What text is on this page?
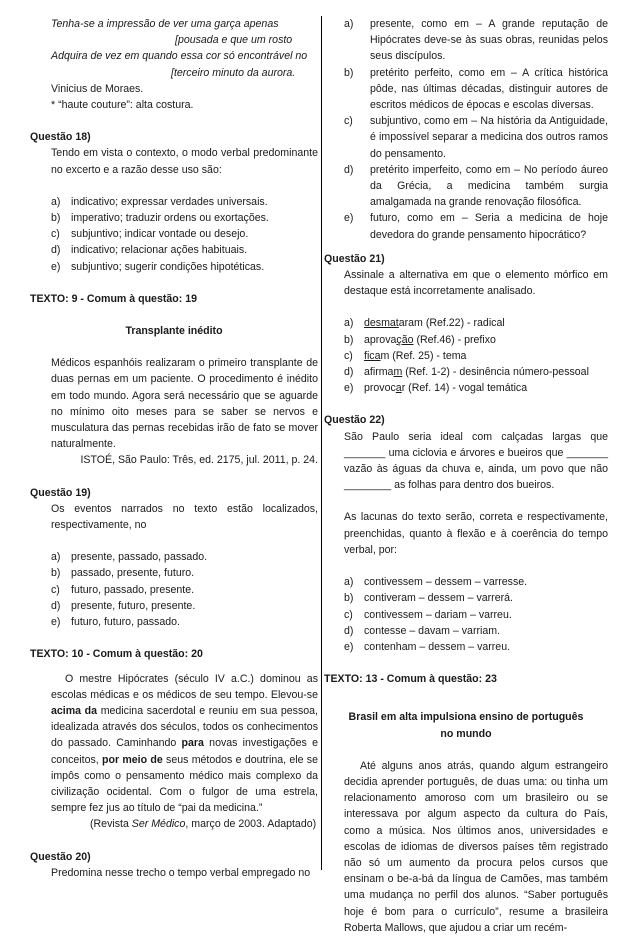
Tenha-se a impressão de ver uma garça apenas

[pousada e que um rosto

Adquira de vez em quando essa cor só encontrável no

[terceiro minuto da aurora.

Vinicius de Moraes.

* “haute couture”: alta costura.

Questão 18)

Tendo em vista o contexto, o modo verbal predominante no excerto e a razão desse uso são:

a) indicativo; expressar verdades universais.
b) imperativo; traduzir ordens ou exortações.
c)	subjuntivo; indicar vontade ou desejo.
d) indicativo; relacionar ações habituais.
e) subjuntivo; sugerir condições hipotéticas.

TEXTO: 9 - Comum à questão: 19

Transplante inédito

Médicos espanhóis realizaram o primeiro transplante de duas pernas em um paciente. O procedimento é inédito em todo mundo. Agora será necessário que se aguarde no mínimo oito meses para se saber se nervos e musculatura das pernas recebidas irão de fato se mover naturalmente.

ISTOÉ, São Paulo: Três, ed. 2175, jul. 2011, p. 24.

Questão 19)

Os eventos narrados no texto estão localizados, respectivamente, no

a) presente, passado, passado.
b) passado, presente, futuro.
c)	futuro, passado, presente.
d) presente, futuro, presente.
e) futuro, futuro, passado.

TEXTO: 10 - Comum à questão: 20

O mestre Hipócrates (século IV a.C.) dominou as escolas médicas e os médicos de seu tempo. Elevou-se acima da medicina sacerdotal e reuniu em sua pessoa, idealizada através dos séculos, todos os conhecimentos do passado. Caminhando para novas investigações e conceitos, por meio de seus métodos e doutrina, ele se impôs como o pensamento médico mais complexo da civilização ocidental. Com o fulgor de uma estrela, sempre fez jus ao título de “pai da medicina.”

(Revista Ser Médico, março de 2003. Adaptado)

Questão 20)

Predomina nesse trecho o tempo verbal empregado no

a)	presente, como em – A grande reputação de Hipócrates deve-se às suas obras, reunidas pelos seus discípulos.
b)	pretérito perfeito, como em – A crítica histórica pôde, nas últimas décadas, distinguir autores de escritos médicos de épocas e escolas diversas.
c)	subjuntivo, como em – Na história da Antiguidade, é impossível separar a medicina dos outros ramos do pensamento.
d)	pretérito imperfeito, como em – No período áureo da Grécia, a medicina também surgia amalgamada na grande renovação filosófica.
e)	futuro, como em – Seria a medicina de hoje devedora do grande pensamento hipocrático?

Questão 21)

Assinale a alternativa em que o elemento mórfico em destaque está incorretamente analisado.

a) desmataram (Ref.22) - radical
b) aprovação (Ref.46) - prefixo
c)	ficam (Ref. 25) - tema
d) afirmam (Ref. 1-2) - desinência número-pessoal
e) provocar (Ref. 14) - vogal temática

Questão 22)

São Paulo seria ideal com calçadas largas que _______ uma ciclovia e árvores e bueiros que _______ vazão às águas da chuva e, ainda, um povo que não ________ as folhas para dentro dos bueiros.

As lacunas do texto serão, correta e respectivamente, preenchidas, quanto à flexão e à coerência do tempo verbal, por:

a) contivessem – dessem – varresse.
b) contiveram – dessem – varrerá.
c)	contivessem – dariam – varreu.
d) contesse – davam – varriam.
e) contenham – dessem – varreu.

TEXTO: 13 - Comum à questão: 23

Brasil em alta impulsiona ensino de português no mundo

Até alguns anos atrás, quando algum estrangeiro decidia aprender português, de duas uma: ou tinha um relacionamento amoroso com um brasileiro ou se interessava por algum aspecto da cultura do País, como a música. Nos últimos anos, universidades e escolas de idiomas de diversos países têm registrado não só um aumento da procura pelos cursos que ensinam o be-a-bá da língua de Camões, mas também uma mudança no perfil dos alunos. “Saber português hoje é bom para o currículo”, resume a brasileira Roberta Mallows, que ajudou a criar um recém-
